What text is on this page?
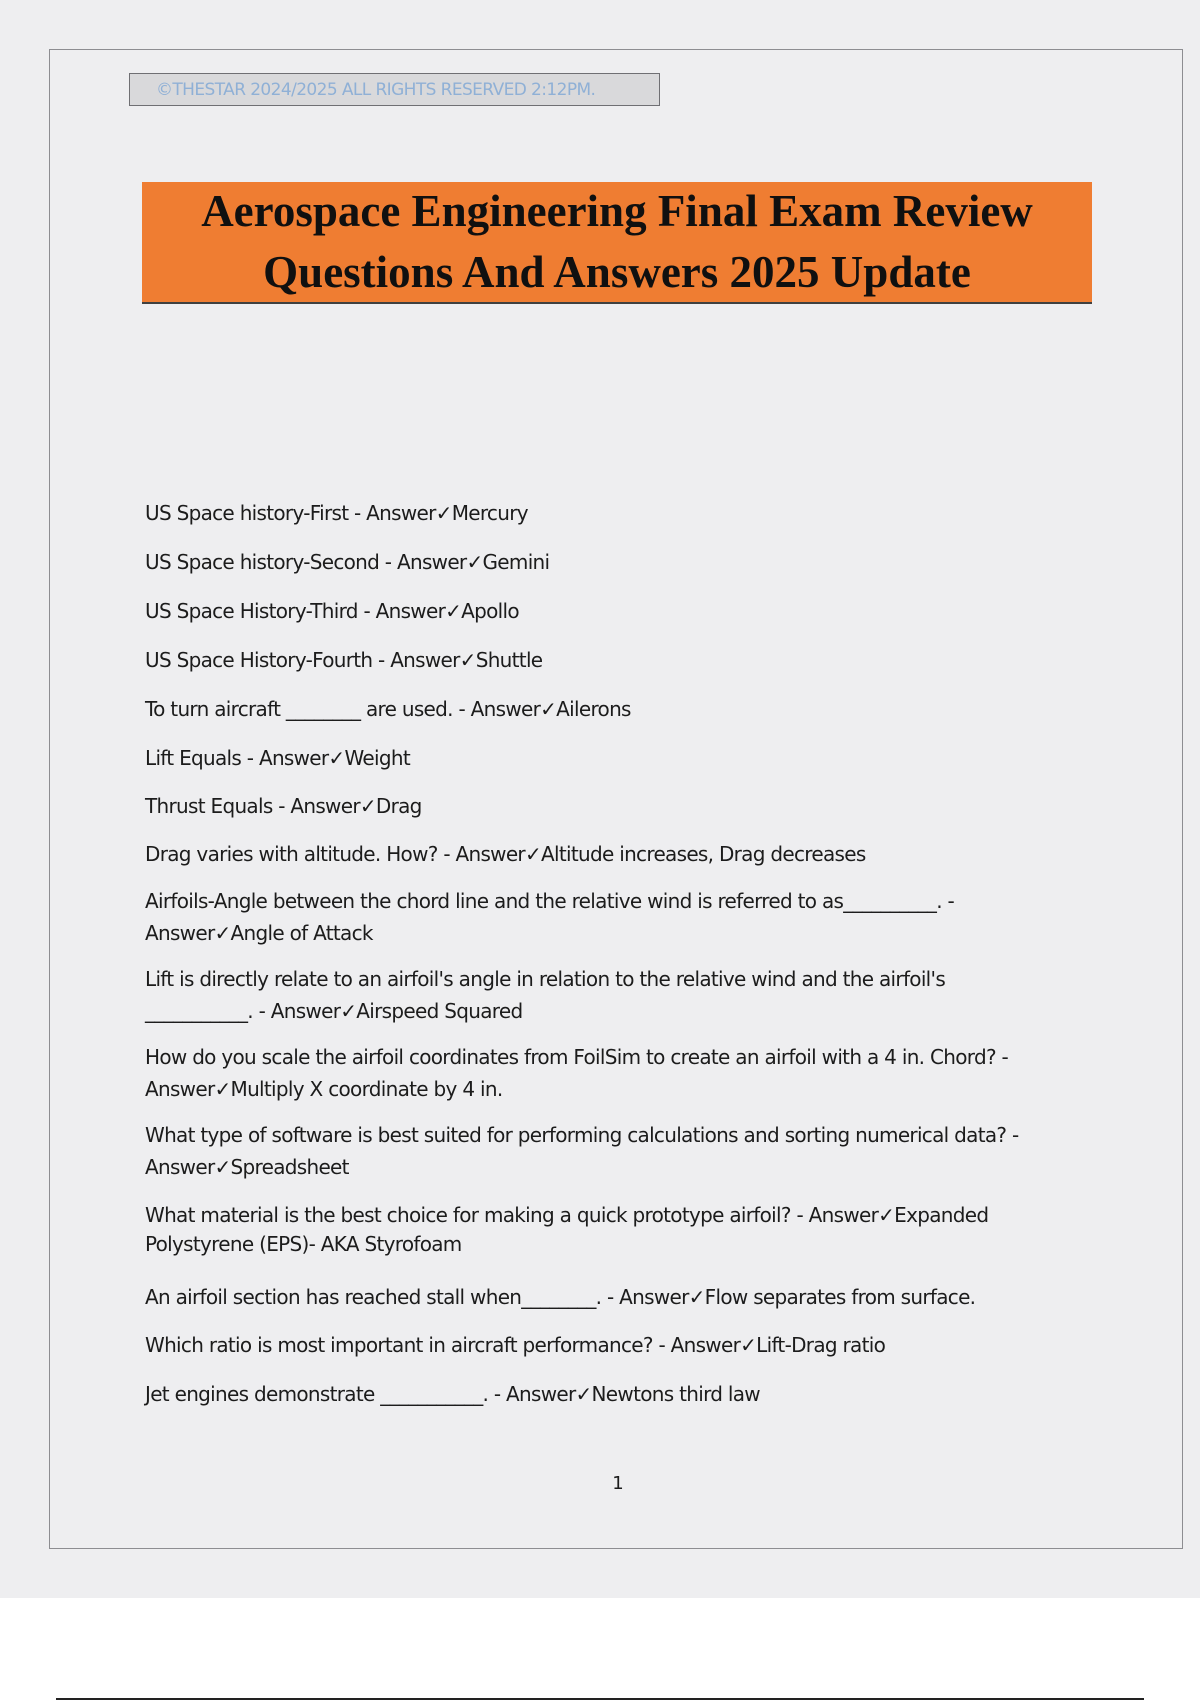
©THESTAR 2024/2025 ALL RIGHTS RESERVED 2:12PM.
Aerospace Engineering Final Exam Review
Questions And Answers 2025 Update
US Space history-First - Answer✓Mercury
US Space history-Second - Answer✓Gemini
US Space History-Third - Answer✓Apollo
US Space History-Fourth - Answer✓Shuttle
To turn aircraft ________ are used. - Answer✓Ailerons
Lift Equals - Answer✓Weight
Thrust Equals - Answer✓Drag
Drag varies with altitude. How? - Answer✓Altitude increases, Drag decreases
Airfoils-Angle between the chord line and the relative wind is referred to as__________. -
Answer✓Angle of Attack
Lift is directly relate to an airfoil's angle in relation to the relative wind and the airfoil's
___________. - Answer✓Airspeed Squared
How do you scale the airfoil coordinates from FoilSim to create an airfoil with a 4 in. Chord? -
Answer✓Multiply X coordinate by 4 in.
What type of software is best suited for performing calculations and sorting numerical data? -
Answer✓Spreadsheet
What material is the best choice for making a quick prototype airfoil? - Answer✓Expanded
Polystyrene (EPS)- AKA Styrofoam
An airfoil section has reached stall when________. - Answer✓Flow separates from surface.
Which ratio is most important in aircraft performance? - Answer✓Lift-Drag ratio
Jet engines demonstrate ___________. - Answer✓Newtons third law
1
